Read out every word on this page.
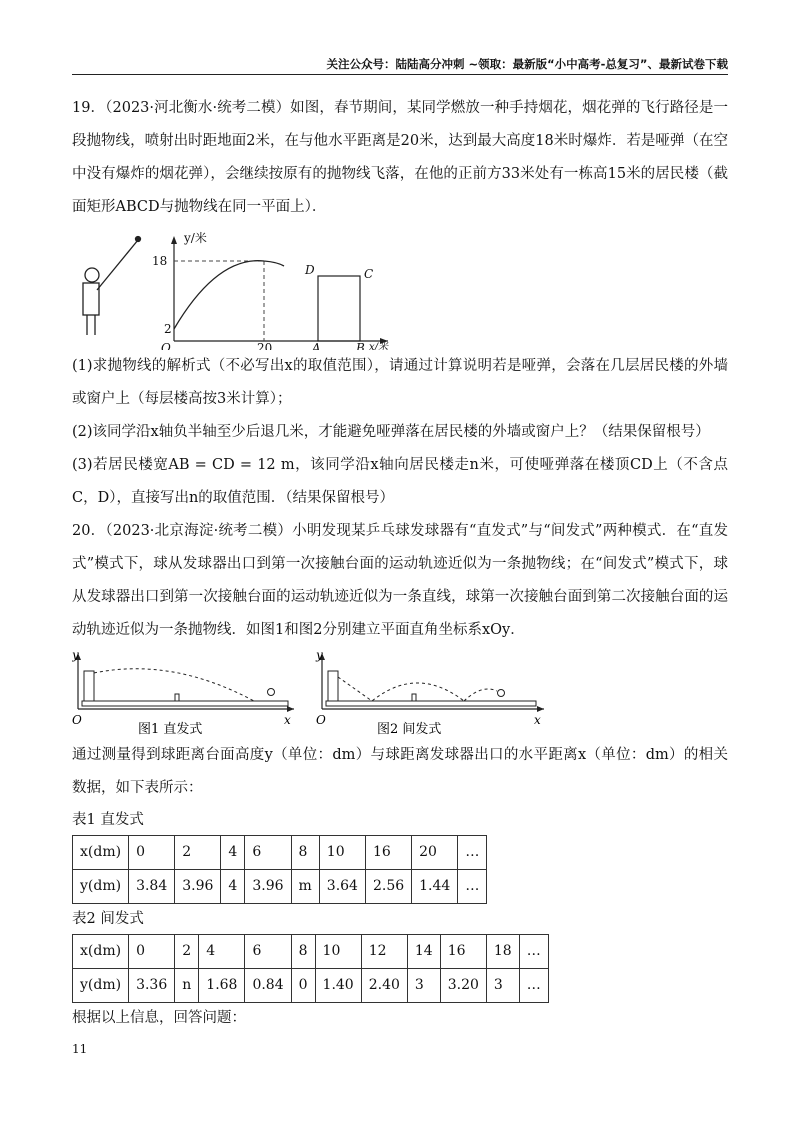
关注公众号：陆陆高分冲刺 ~领取：最新版“小中高考-总复习”、最新试卷下载

19．（2023·河北衡水·统考二模）如图，春节期间，某同学燃放一种手持烟花，烟花弹的飞行路径是一段抛物线，喷射出时距地面2米，在与他水平距离是20米，达到最大高度18米时爆炸．若是哑弹（在空中没有爆炸的烟花弹），会继续按原有的抛物线飞落，在他的正前方33米处有一栋高15米的居民楼（截面矩形ABCD与抛物线在同一平面上）．

y/米
18
2
O	20	A	B x/米
D	C

(1)求抛物线的解析式（不必写出x的取值范围），请通过计算说明若是哑弹，会落在几层居民楼的外墙或窗户上（每层楼高按3米计算）；

(2)该同学沿x轴负半轴至少后退几米，才能避免哑弹落在居民楼的外墙或窗户上？（结果保留根号）

(3)若居民楼宽AB = CD = 12 m，该同学沿x轴向居民楼走n米，可使哑弹落在楼顶CD上（不含点C，D），直接写出n的取值范围．（结果保留根号）

20．（2023·北京海淀·统考二模）小明发现某乒乓球发球器有“直发式”与“间发式”两种模式．在“直发式”模式下，球从发球器出口到第一次接触台面的运动轨迹近似为一条抛物线；在“间发式”模式下，球从发球器出口到第一次接触台面的运动轨迹近似为一条直线，球第一次接触台面到第二次接触台面的运动轨迹近似为一条抛物线．如图1和图2分别建立平面直角坐标系xOy．

y
O	x
图1 直发式
y
O	x
图2 间发式

通过测量得到球距离台面高度y（单位：dm）与球距离发球器出口的水平距离x（单位：dm）的相关数据，如下表所示：

表1 直发式

x(dm)	0	2	4	6	8	10	16	20	…
y(dm)	3.84	3.96	4	3.96	m	3.64	2.56	1.44	…

表2 间发式

x(dm)	0	2	4	6	8	10	12	14	16	18	…
y(dm)	3.36	n	1.68	0.84	0	1.40	2.40	3	3.20	3	…

根据以上信息，回答问题：

11
